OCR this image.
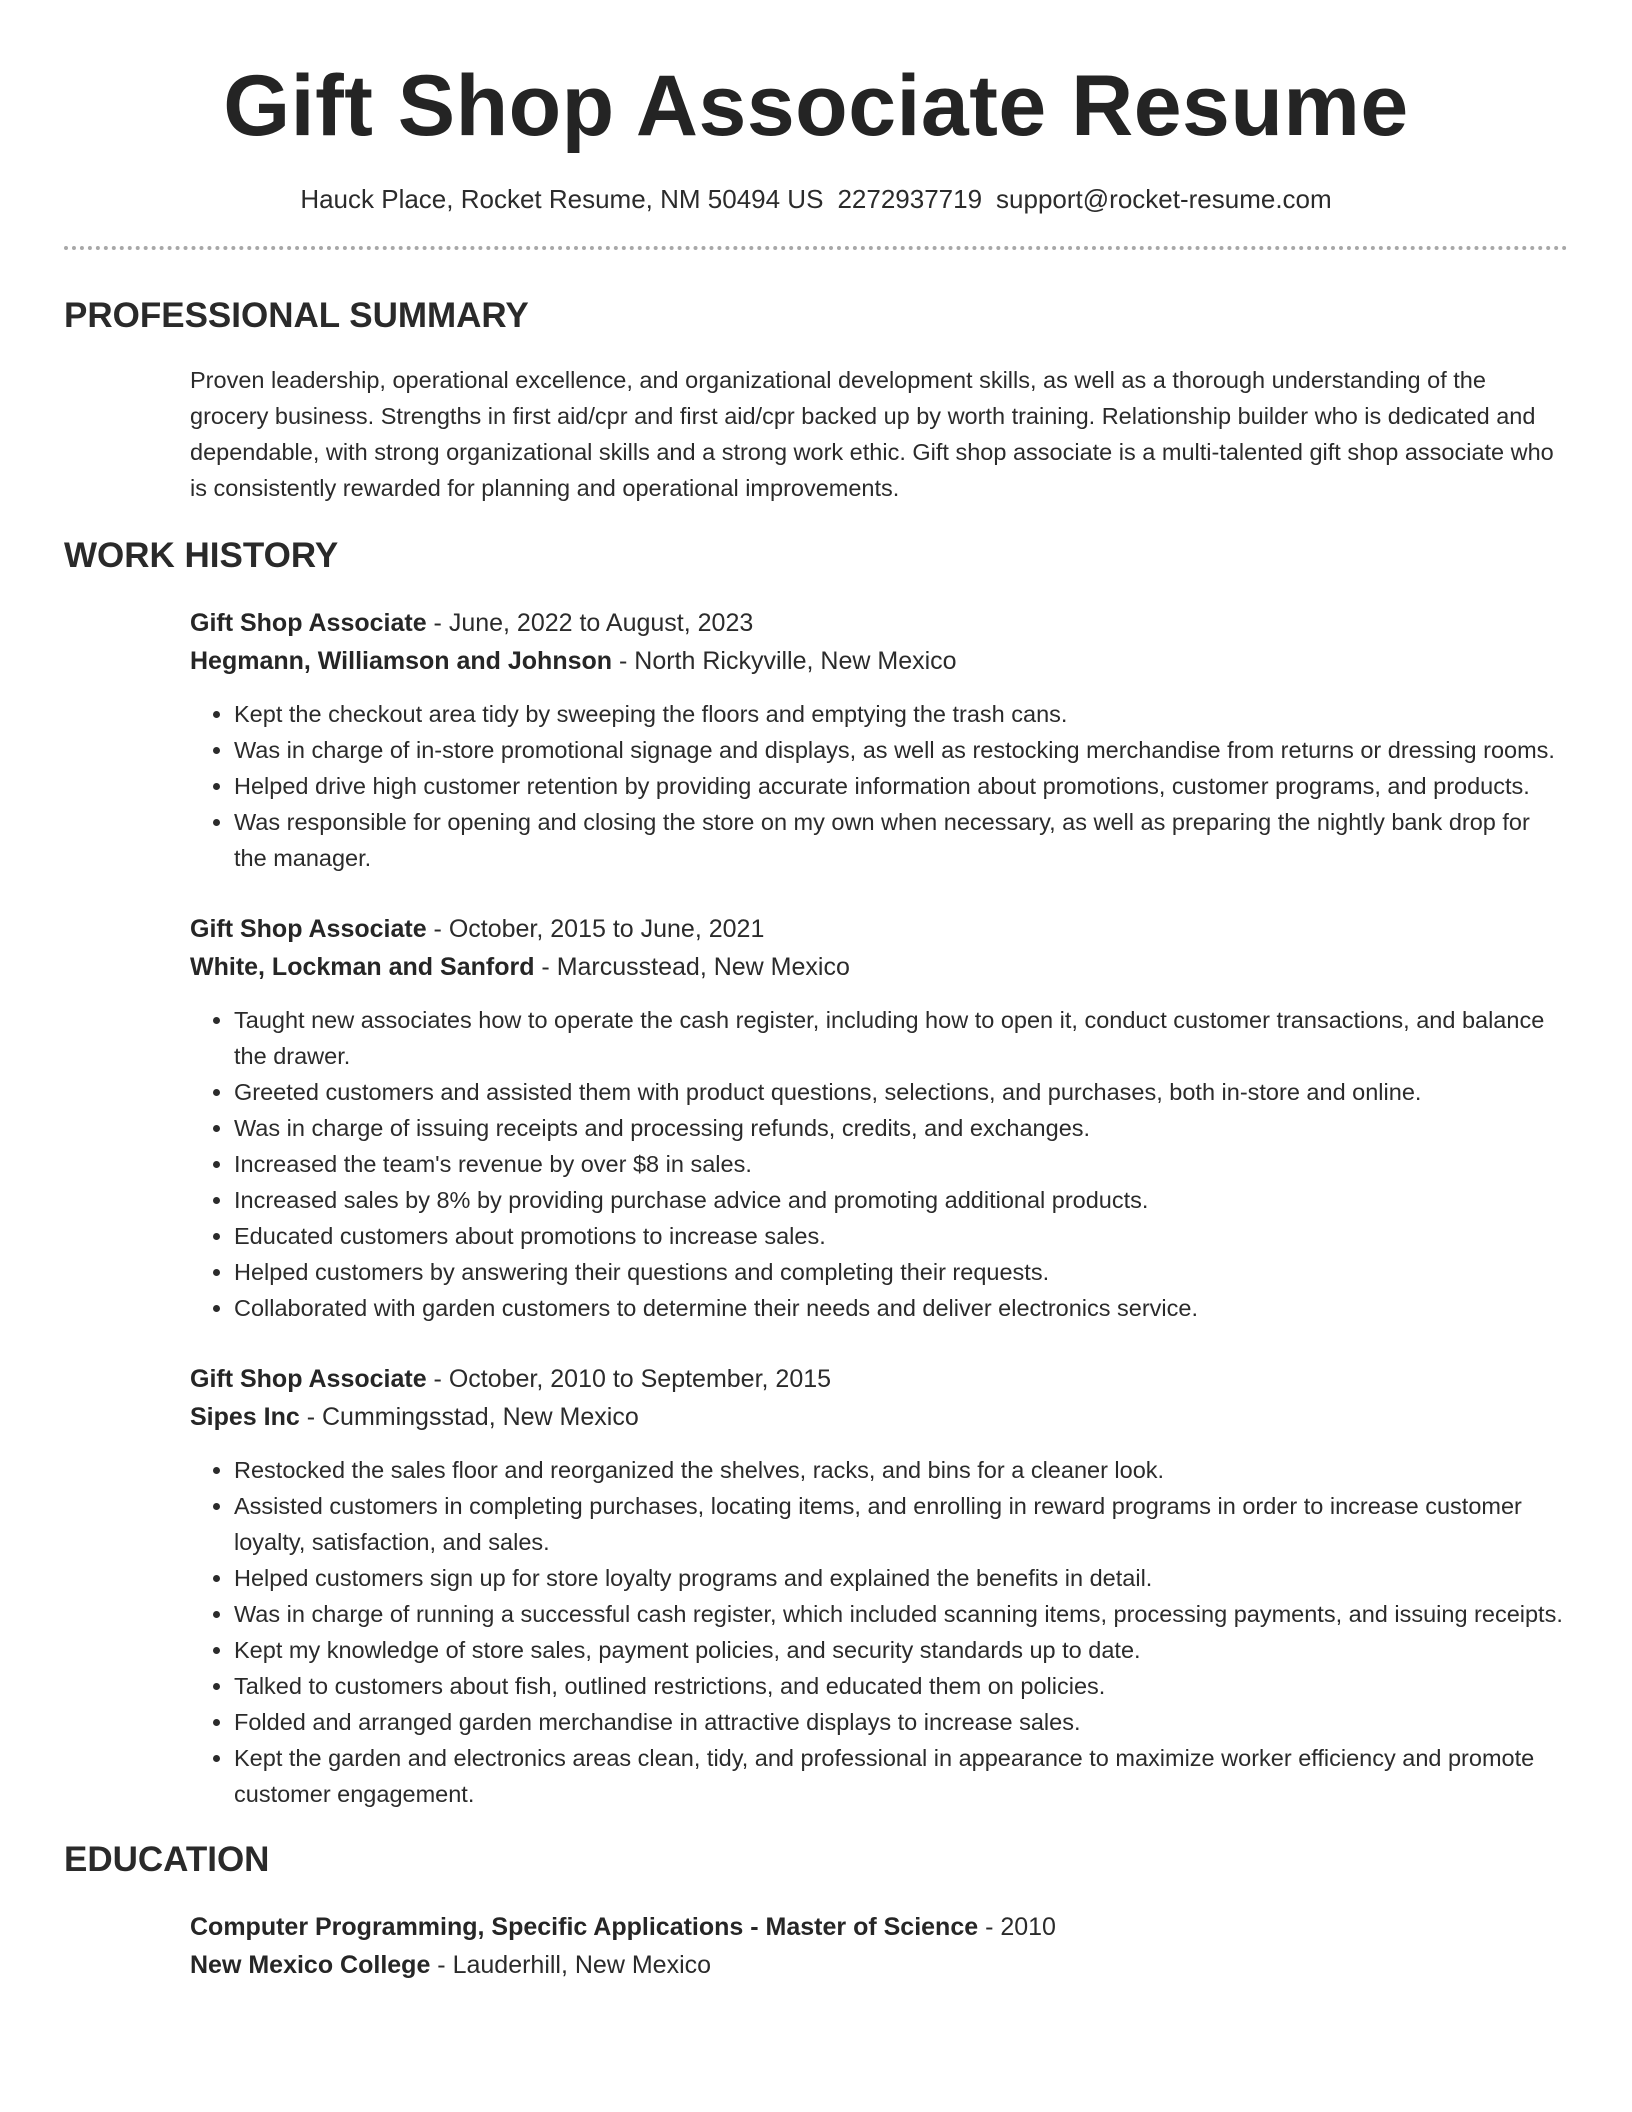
Gift Shop Associate Resume
Hauck Place, Rocket Resume, NM 50494 US 2272937719 support@rocket-resume.com
PROFESSIONAL SUMMARY

Proven leadership, operational excellence, and organizational development skills, as well as a thorough understanding of the grocery business. Strengths in first aid/cpr and first aid/cpr backed up by worth training. Relationship builder who is dedicated and dependable, with strong organizational skills and a strong work ethic. Gift shop associate is a multi-talented gift shop associate who is consistently rewarded for planning and operational improvements.

WORK HISTORY
Gift Shop Associate - June, 2022 to August, 2023
Hegmann, Williamson and Johnson - North Rickyville, New Mexico
• Kept the checkout area tidy by sweeping the floors and emptying the trash cans.
• Was in charge of in-store promotional signage and displays, as well as restocking merchandise from returns or dressing rooms.
• Helped drive high customer retention by providing accurate information about promotions, customer programs, and products.
• Was responsible for opening and closing the store on my own when necessary, as well as preparing the nightly bank drop for the manager.
Gift Shop Associate - October, 2015 to June, 2021
White, Lockman and Sanford - Marcusstead, New Mexico
• Taught new associates how to operate the cash register, including how to open it, conduct customer transactions, and balance the drawer.
• Greeted customers and assisted them with product questions, selections, and purchases, both in-store and online.
• Was in charge of issuing receipts and processing refunds, credits, and exchanges.
• Increased the team's revenue by over $8 in sales.
• Increased sales by 8% by providing purchase advice and promoting additional products.
• Educated customers about promotions to increase sales.
• Helped customers by answering their questions and completing their requests.
• Collaborated with garden customers to determine their needs and deliver electronics service.
Gift Shop Associate - October, 2010 to September, 2015
Sipes Inc - Cummingsstad, New Mexico
• Restocked the sales floor and reorganized the shelves, racks, and bins for a cleaner look.
• Assisted customers in completing purchases, locating items, and enrolling in reward programs in order to increase customer loyalty, satisfaction, and sales.
• Helped customers sign up for store loyalty programs and explained the benefits in detail.
• Was in charge of running a successful cash register, which included scanning items, processing payments, and issuing receipts.
• Kept my knowledge of store sales, payment policies, and security standards up to date.
• Talked to customers about fish, outlined restrictions, and educated them on policies.
• Folded and arranged garden merchandise in attractive displays to increase sales.
• Kept the garden and electronics areas clean, tidy, and professional in appearance to maximize worker efficiency and promote customer engagement.
EDUCATION
Computer Programming, Specific Applications - Master of Science - 2010
New Mexico College - Lauderhill, New Mexico
